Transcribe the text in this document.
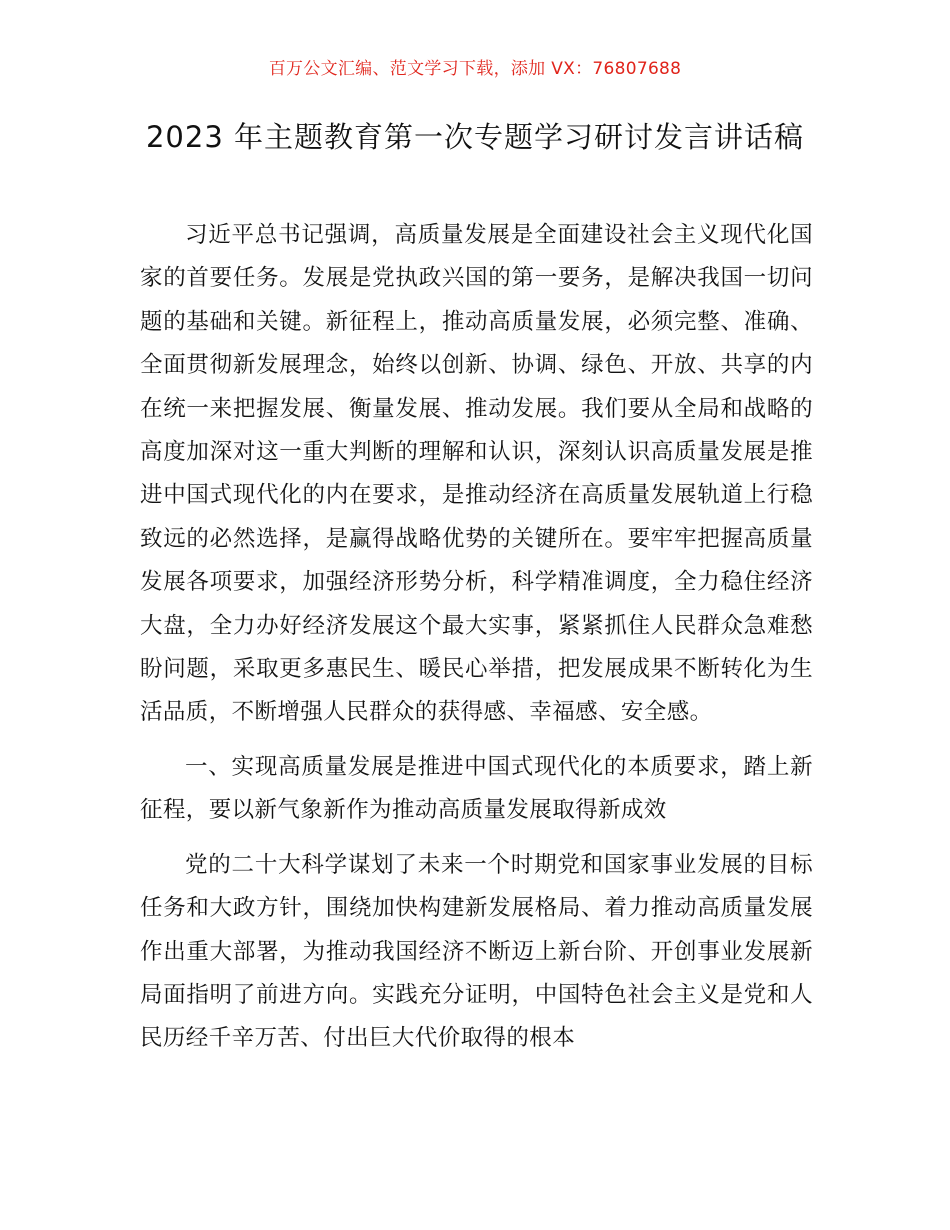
百万公文汇编、范文学习下载，添加 VX：76807688
2023 年主题教育第一次专题学习研讨发言讲话稿

习近平总书记强调，高质量发展是全面建设社会主义现代化国家的首要任务。发展是党执政兴国的第一要务，是解决我国一切问题的基础和关键。新征程上，推动高质量发展，必须完整、准确、全面贯彻新发展理念，始终以创新、协调、绿色、开放、共享的内在统一来把握发展、衡量发展、推动发展。我们要从全局和战略的高度加深对这一重大判断的理解和认识，深刻认识高质量发展是推进中国式现代化的内在要求，是推动经济在高质量发展轨道上行稳致远的必然选择，是赢得战略优势的关键所在。要牢牢把握高质量发展各项要求，加强经济形势分析，科学精准调度，全力稳住经济大盘，全力办好经济发展这个最大实事，紧紧抓住人民群众急难愁盼问题，采取更多惠民生、暖民心举措，把发展成果不断转化为生活品质，不断增强人民群众的获得感、幸福感、安全感。

一、实现高质量发展是推进中国式现代化的本质要求，踏上新征程，要以新气象新作为推动高质量发展取得新成效

党的二十大科学谋划了未来一个时期党和国家事业发展的目标任务和大政方针，围绕加快构建新发展格局、着力推动高质量发展作出重大部署，为推动我国经济不断迈上新台阶、开创事业发展新局面指明了前进方向。实践充分证明，中国特色社会主义是党和人民历经千辛万苦、付出巨大代价取得的根本
